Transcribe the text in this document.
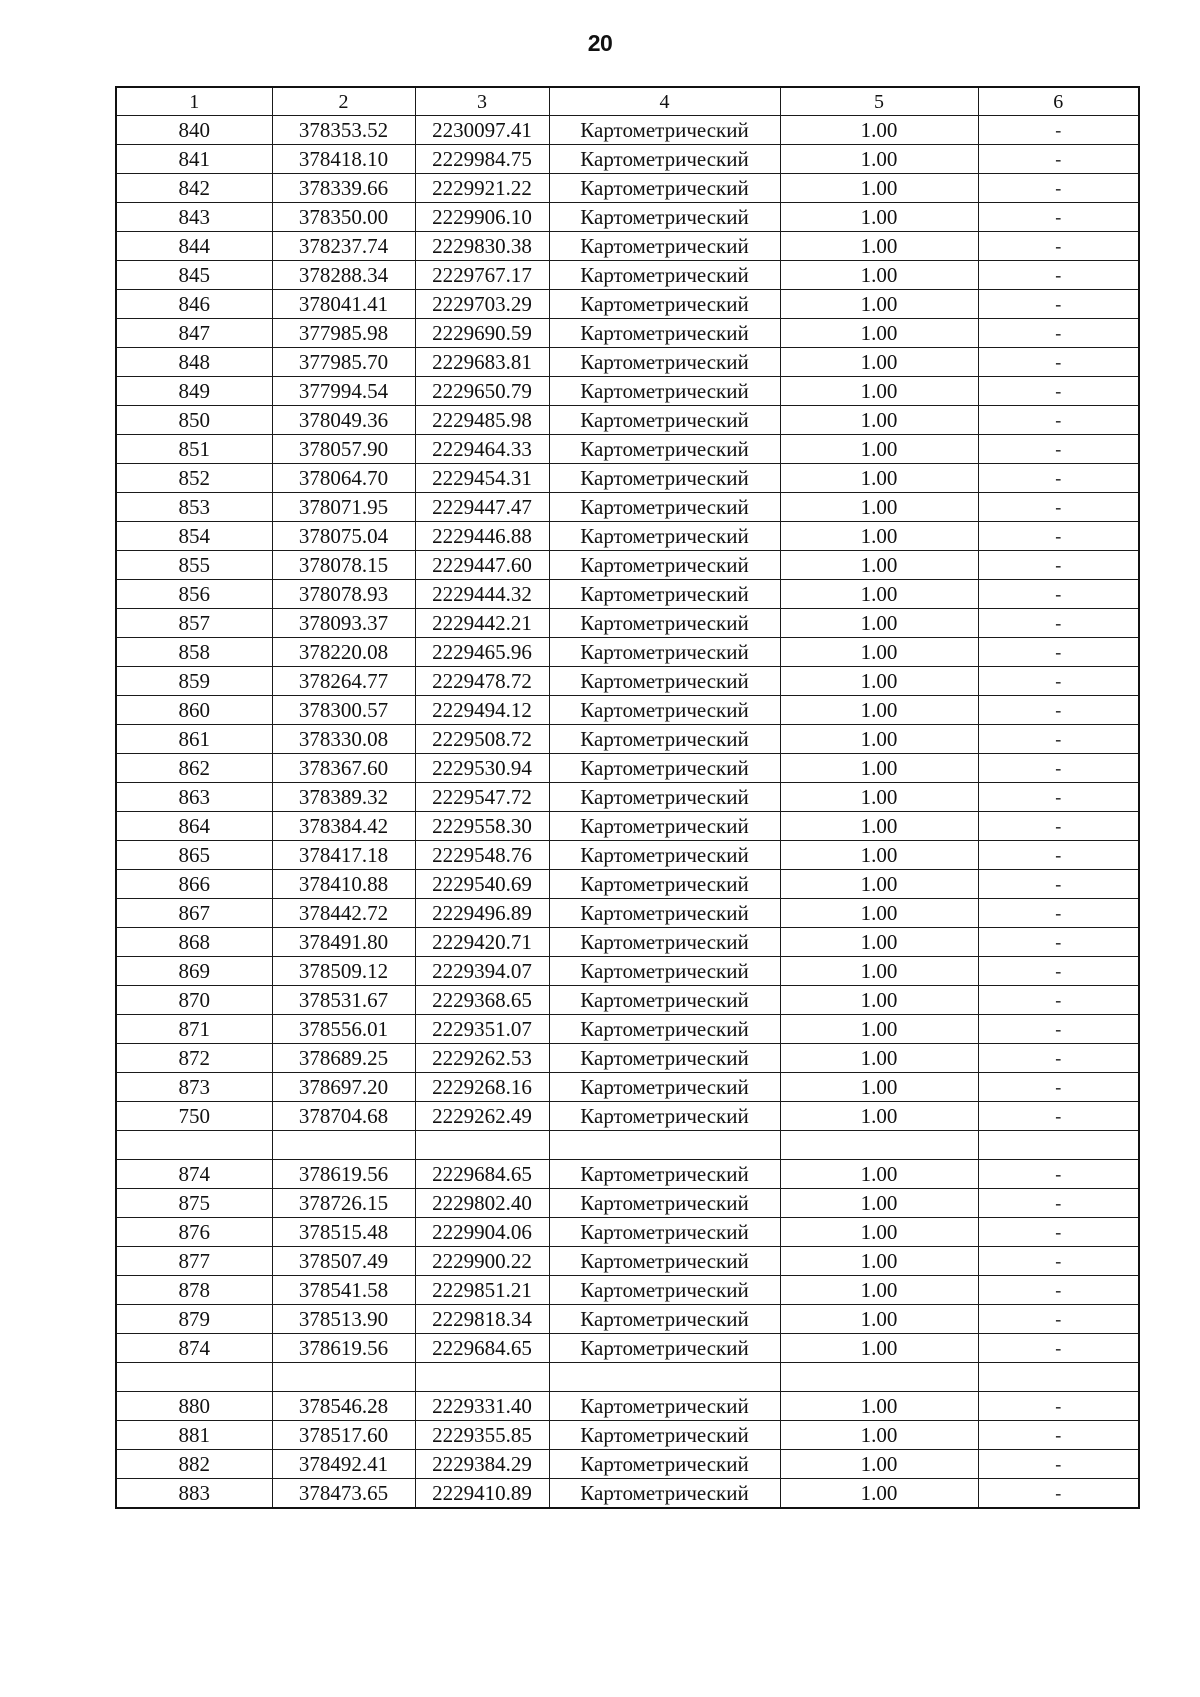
20
1	2	3	4	5	6
840	378353.52	2230097.41	Картометрический	1.00	-
841	378418.10	2229984.75	Картометрический	1.00	-
842	378339.66	2229921.22	Картометрический	1.00	-
843	378350.00	2229906.10	Картометрический	1.00	-
844	378237.74	2229830.38	Картометрический	1.00	-
845	378288.34	2229767.17	Картометрический	1.00	-
846	378041.41	2229703.29	Картометрический	1.00	-
847	377985.98	2229690.59	Картометрический	1.00	-
848	377985.70	2229683.81	Картометрический	1.00	-
849	377994.54	2229650.79	Картометрический	1.00	-
850	378049.36	2229485.98	Картометрический	1.00	-
851	378057.90	2229464.33	Картометрический	1.00	-
852	378064.70	2229454.31	Картометрический	1.00	-
853	378071.95	2229447.47	Картометрический	1.00	-
854	378075.04	2229446.88	Картометрический	1.00	-
855	378078.15	2229447.60	Картометрический	1.00	-
856	378078.93	2229444.32	Картометрический	1.00	-
857	378093.37	2229442.21	Картометрический	1.00	-
858	378220.08	2229465.96	Картометрический	1.00	-
859	378264.77	2229478.72	Картометрический	1.00	-
860	378300.57	2229494.12	Картометрический	1.00	-
861	378330.08	2229508.72	Картометрический	1.00	-
862	378367.60	2229530.94	Картометрический	1.00	-
863	378389.32	2229547.72	Картометрический	1.00	-
864	378384.42	2229558.30	Картометрический	1.00	-
865	378417.18	2229548.76	Картометрический	1.00	-
866	378410.88	2229540.69	Картометрический	1.00	-
867	378442.72	2229496.89	Картометрический	1.00	-
868	378491.80	2229420.71	Картометрический	1.00	-
869	378509.12	2229394.07	Картометрический	1.00	-
870	378531.67	2229368.65	Картометрический	1.00	-
871	378556.01	2229351.07	Картометрический	1.00	-
872	378689.25	2229262.53	Картометрический	1.00	-
873	378697.20	2229268.16	Картометрический	1.00	-
750	378704.68	2229262.49	Картометрический	1.00	-

874	378619.56	2229684.65	Картометрический	1.00	-
875	378726.15	2229802.40	Картометрический	1.00	-
876	378515.48	2229904.06	Картометрический	1.00	-
877	378507.49	2229900.22	Картометрический	1.00	-
878	378541.58	2229851.21	Картометрический	1.00	-
879	378513.90	2229818.34	Картометрический	1.00	-
874	378619.56	2229684.65	Картометрический	1.00	-

880	378546.28	2229331.40	Картометрический	1.00	-
881	378517.60	2229355.85	Картометрический	1.00	-
882	378492.41	2229384.29	Картометрический	1.00	-
883	378473.65	2229410.89	Картометрический	1.00	-
